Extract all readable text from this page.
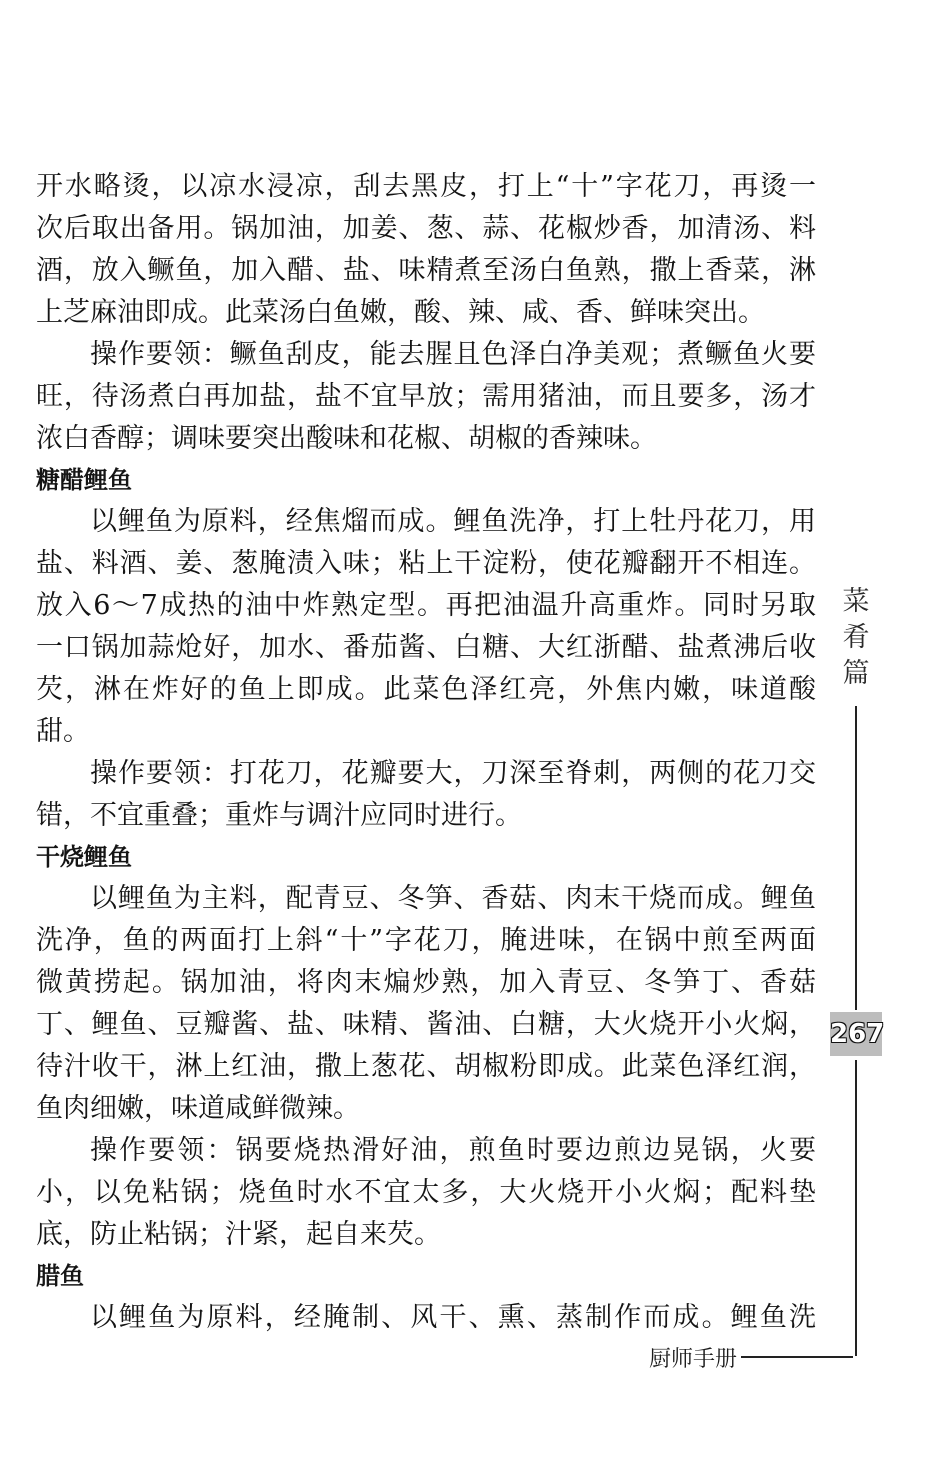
开水略烫，以凉水浸凉，刮去黑皮，打上“十”字花刀，再烫一
次后取出备用。锅加油，加姜、葱、蒜、花椒炒香，加清汤、料
酒，放入鳜鱼，加入醋、盐、味精煮至汤白鱼熟，撒上香菜，淋
上芝麻油即成。此菜汤白鱼嫩，酸、辣、咸、香、鲜味突出。
操作要领：鳜鱼刮皮，能去腥且色泽白净美观；煮鳜鱼火要
旺，待汤煮白再加盐，盐不宜早放；需用猪油，而且要多，汤才
浓白香醇；调味要突出酸味和花椒、胡椒的香辣味。
糖醋鲤鱼
以鲤鱼为原料，经焦熘而成。鲤鱼洗净，打上牡丹花刀，用
盐、料酒、姜、葱腌渍入味；粘上干淀粉，使花瓣翻开不相连。
放入6～7成热的油中炸熟定型。再把油温升高重炸。同时另取
一口锅加蒜炝好，加水、番茄酱、白糖、大红浙醋、盐煮沸后收
芡，淋在炸好的鱼上即成。此菜色泽红亮，外焦内嫩，味道酸
甜。
操作要领：打花刀，花瓣要大，刀深至脊刺，两侧的花刀交
错，不宜重叠；重炸与调汁应同时进行。
干烧鲤鱼
以鲤鱼为主料，配青豆、冬笋、香菇、肉末干烧而成。鲤鱼
洗净，鱼的两面打上斜“十”字花刀，腌进味，在锅中煎至两面
微黄捞起。锅加油，将肉末煸炒熟，加入青豆、冬笋丁、香菇
丁、鲤鱼、豆瓣酱、盐、味精、酱油、白糖，大火烧开小火焖，
待汁收干，淋上红油，撒上葱花、胡椒粉即成。此菜色泽红润，
鱼肉细嫩，味道咸鲜微辣。
操作要领：锅要烧热滑好油，煎鱼时要边煎边晃锅，火要
小，以免粘锅；烧鱼时水不宜太多，大火烧开小火焖；配料垫
底，防止粘锅；汁紧，起自来芡。
腊鱼
以鲤鱼为原料，经腌制、风干、熏、蒸制作而成。鲤鱼洗
菜
肴
篇
267
厨师手册
